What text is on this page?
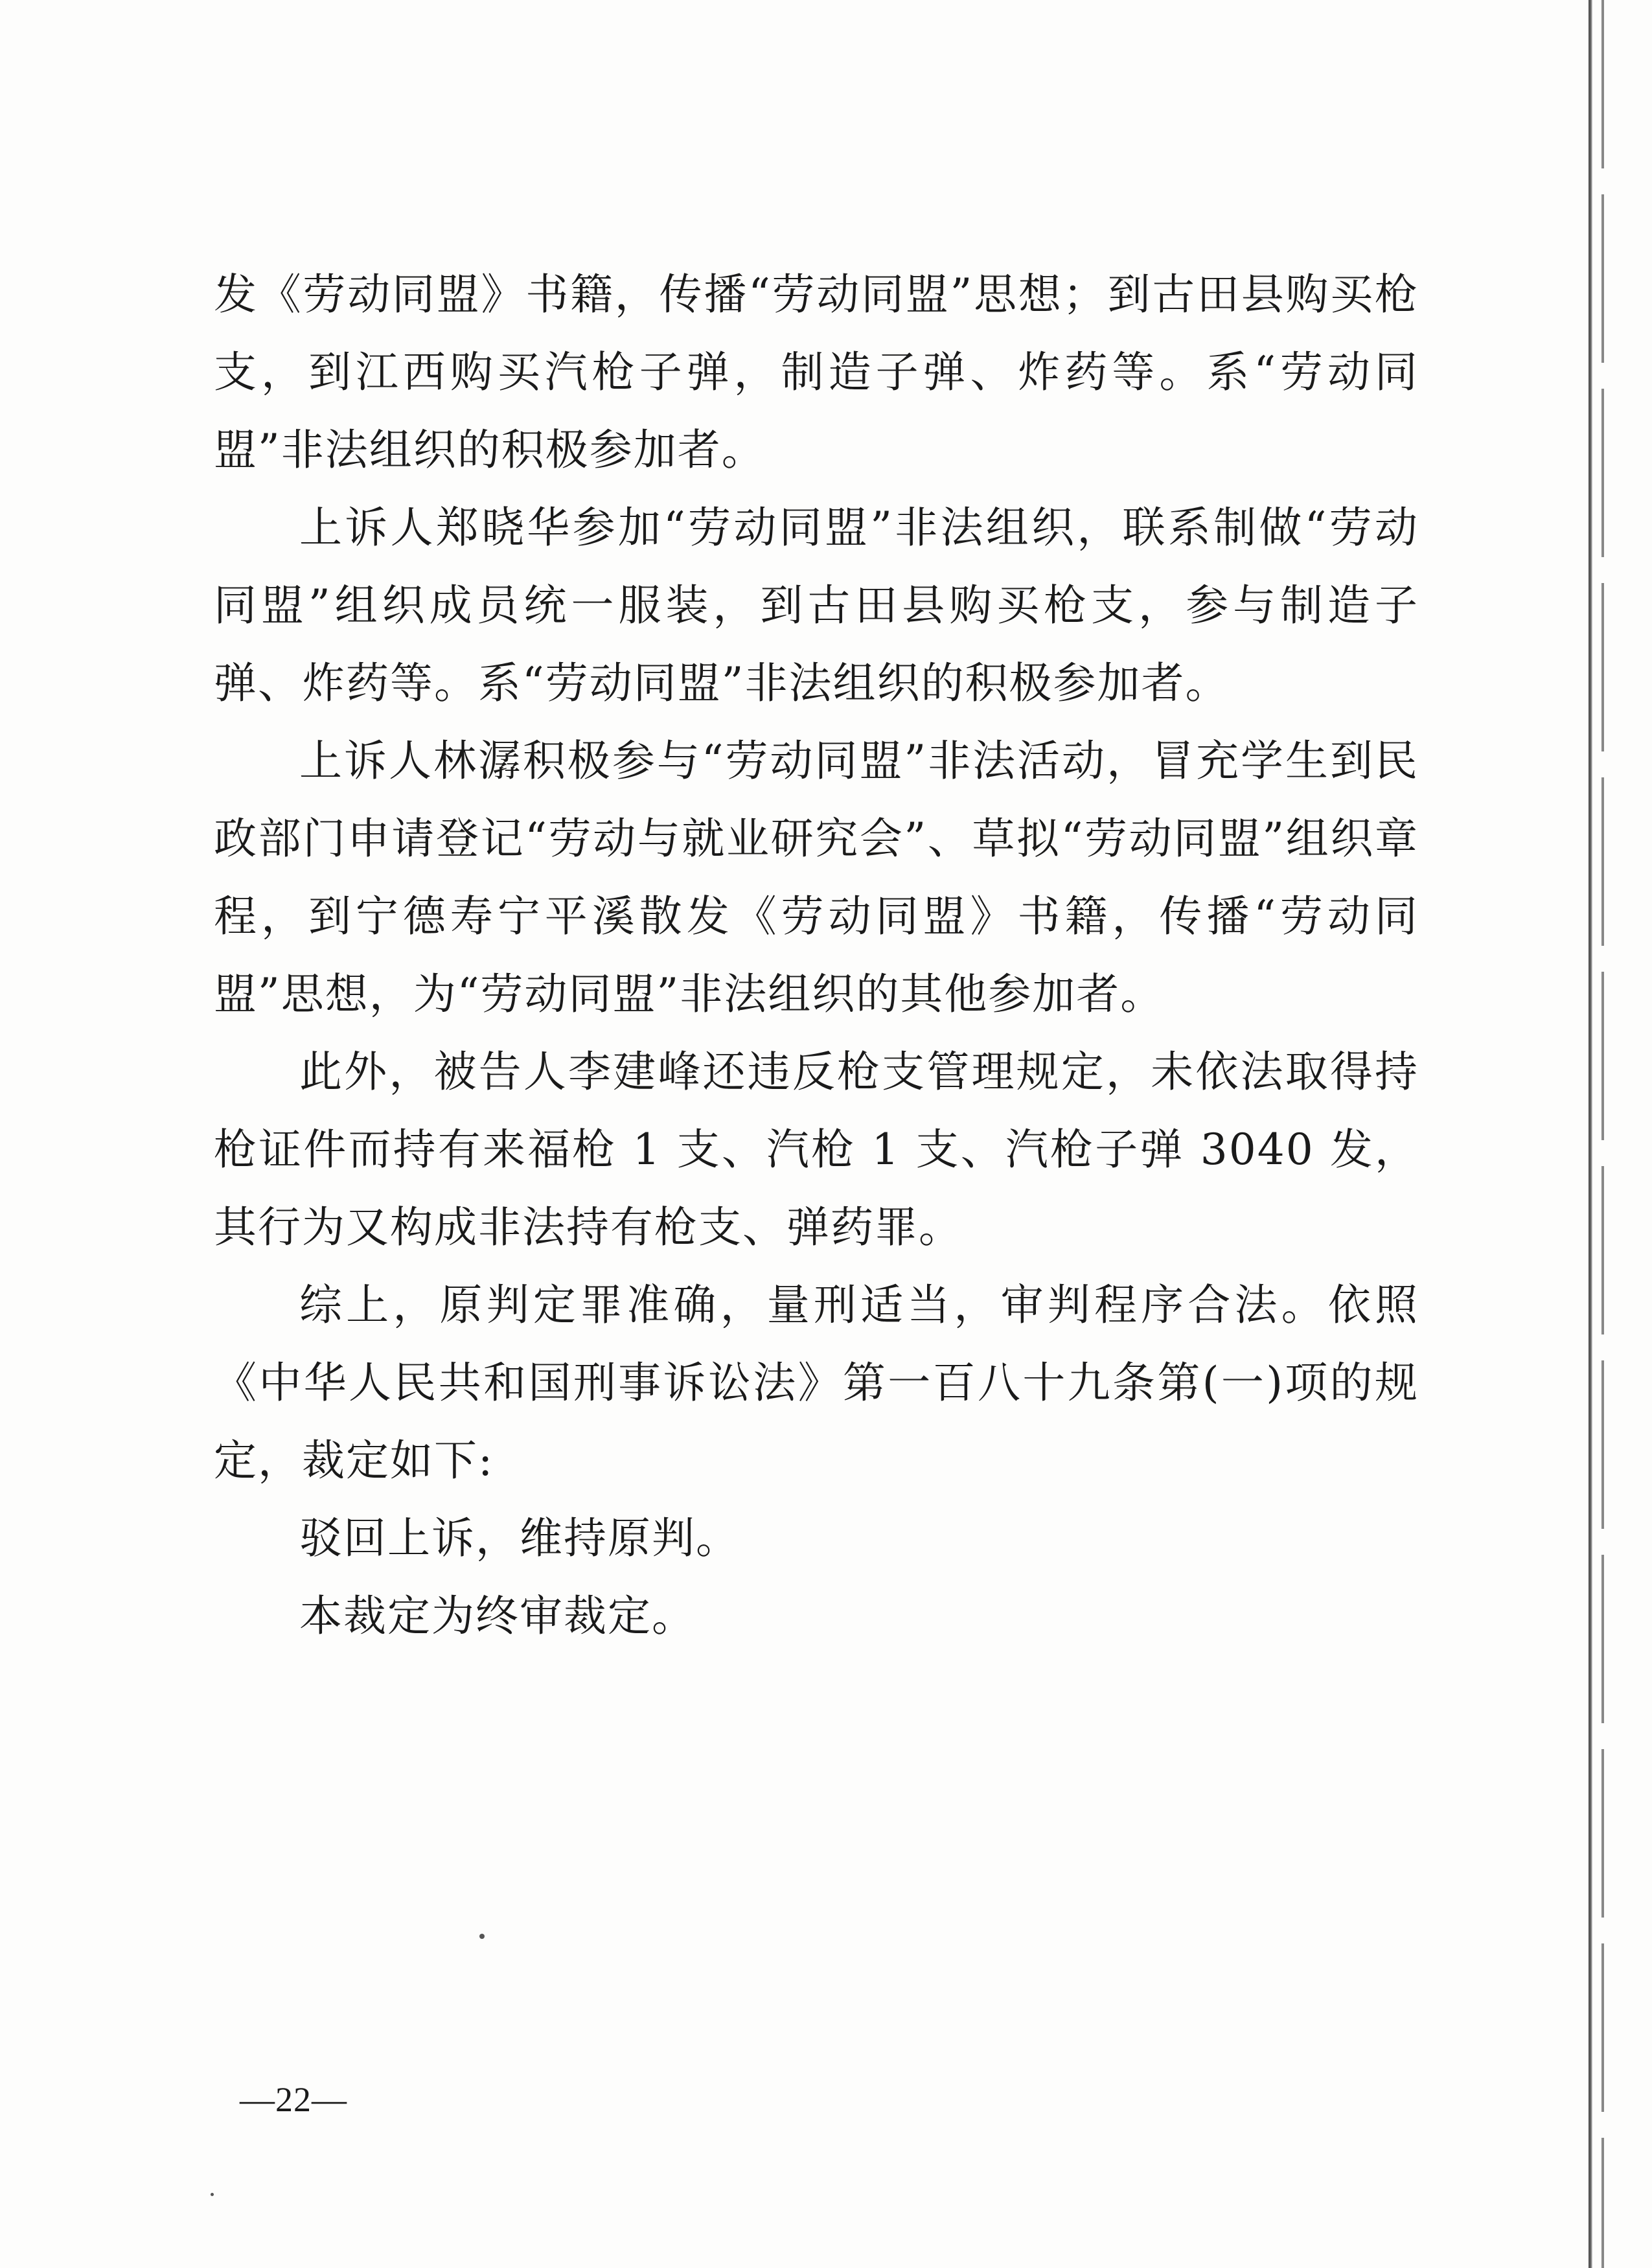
发《劳动同盟》书籍，传播“劳动同盟”思想；到古田县购买枪支，到江西购买汽枪子弹，制造子弹、炸药等。系“劳动同盟”非法组织的积极参加者。

上诉人郑晓华参加“劳动同盟”非法组织，联系制做“劳动同盟”组织成员统一服装，到古田县购买枪支，参与制造子弹、炸药等。系“劳动同盟”非法组织的积极参加者。

上诉人林潺积极参与“劳动同盟”非法活动，冒充学生到民政部门申请登记“劳动与就业研究会”、草拟“劳动同盟”组织章程，到宁德寿宁平溪散发《劳动同盟》书籍，传播“劳动同盟”思想，为“劳动同盟”非法组织的其他参加者。

此外，被告人李建峰还违反枪支管理规定，未依法取得持枪证件而持有来福枪 1 支、汽枪 1 支、汽枪子弹 3040 发，其行为又构成非法持有枪支、弹药罪。

综上，原判定罪准确，量刑适当，审判程序合法。依照《中华人民共和国刑事诉讼法》第一百八十九条第(一)项的规定，裁定如下:

驳回上诉，维持原判。

本裁定为终审裁定。

—22—
